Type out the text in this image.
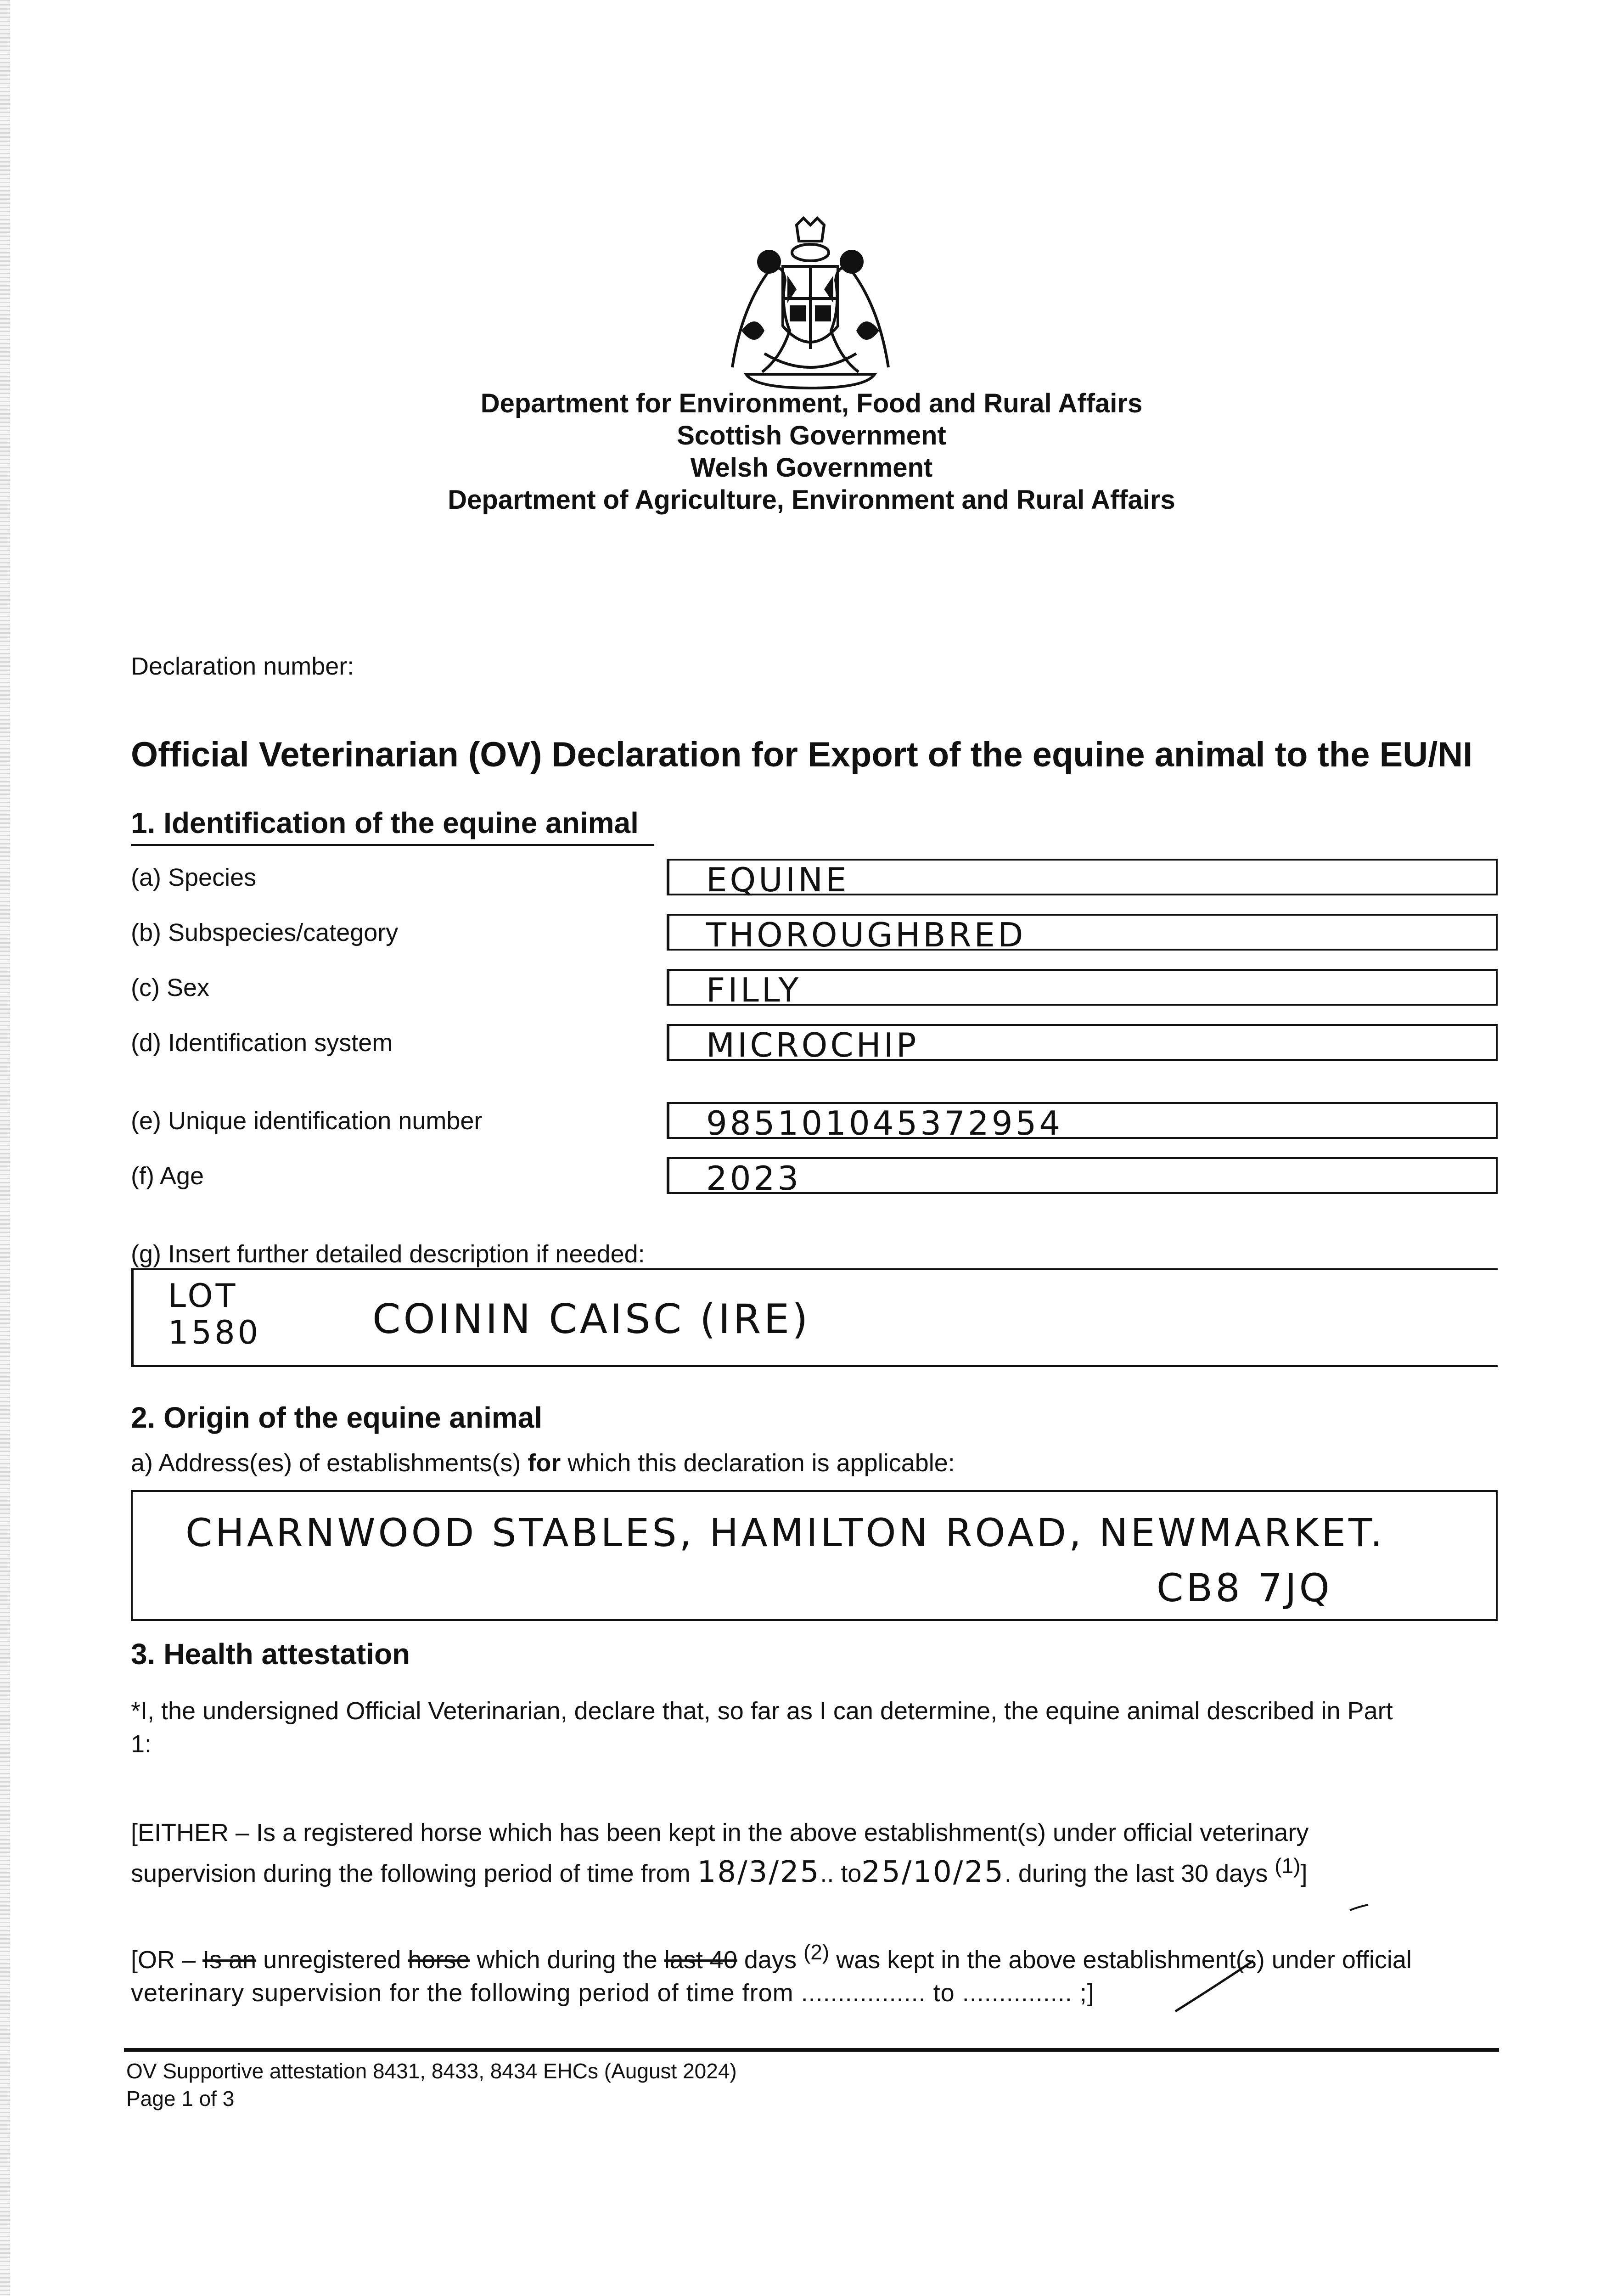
Department for Environment, Food and Rural Affairs
Scottish Government
Welsh Government
Department of Agriculture, Environment and Rural Affairs
Declaration number:
Official Veterinarian (OV) Declaration for Export of the equine animal to the EU/NI
1. Identification of the equine animal
(a) Species	EQUINE
(b) Subspecies/category	THOROUGHBRED
(c) Sex	FILLY
(d) Identification system	MICROCHIP
(e) Unique identification number	985101045372954
(f) Age	2023
(g) Insert further detailed description if needed:
LOT
1580	COININ CAISC (IRE)
2. Origin of the equine animal
a) Address(es) of establishments(s) for which this declaration is applicable:
CHARNWOOD STABLES, HAMILTON ROAD, NEWMARKET.
CB8 7JQ
3. Health attestation
*I, the undersigned Official Veterinarian, declare that, so far as I can determine, the equine animal described in Part
1:
[EITHER – Is a registered horse which has been kept in the above establishment(s) under official veterinary
supervision during the following period of time from 18/3/25.. to25/10/25. during the last 30 days $^{(1)}$]
[OR – Is an unregistered horse which during the last 40 days $^{(2)}$ was kept in the above establishment(s) under official
veterinary supervision for the following period of time from ................. to ............... ;]
OV Supportive attestation 8431, 8433, 8434 EHCs (August 2024)
Page 1 of 3
